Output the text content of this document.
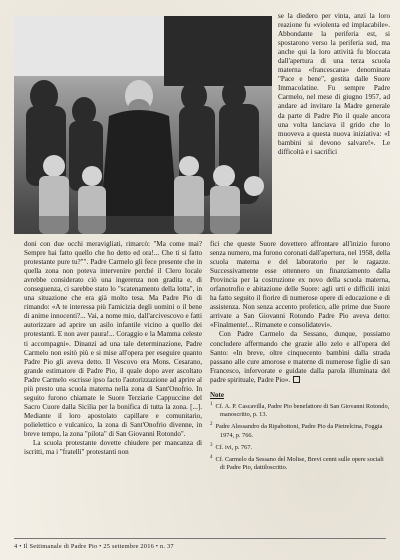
se la diedero per vinta, anzi la loro reazione fu «violenta ed implacabile». Abbondante la periferia est, si spostarono verso la periferia sud, ma anche qui la loro attività fu bloccata dall'apertura di una terza scuola materna «francescana» denominata "Pace e bene", gestita dalle Suore Immacolatine. Fu sempre Padre Carmelo, nel mese di giugno 1957, ad andare ad invitare la Madre generale da parte di Padre Pio il quale ancora una volta lanciava il grido che lo muoveva a questa nuova iniziativa: «I bambini si devono salvare!». Le difficoltà e i sacrifici

doni con due occhi meravigliati, rimarcò: "Ma come mai? Sempre hai fatto quello che ho detto ed ora!... Che ti si fatto protestante pure tu?"". Padre Carmelo gli fece presente che in quella zona non poteva intervenire perché il Clero locale avrebbe considerato ciò una ingerenza non gradita e, di conseguenza, ci sarebbe stato lo "scatenamento della lotta", in una situazione che era già molto tesa. Ma Padre Pio di rimando: «A te interessa più l'amicizia degli uomini o il bene di anime innocenti?... Vai, a nome mio, dall'arcivescovo e fatti autorizzare ad aprire un asilo infantile vicino a quello dei protestanti. E non aver paura!... Coraggio e la Mamma celeste ti accompagni». Dinanzi ad una tale determinazione, Padre Carmelo non esitò più e si mise all'opera per eseguire quanto Padre Pio gli aveva detto. Il Vescovo era Mons. Cesarano, grande estimatore di Padre Pio, il quale dopo aver ascoltato Padre Carmelo «scrisse ipso facto l'autorizzazione ad aprire al più presto una scuola materna nella zona di Sant'Onofrio. In seguito furono chiamate le Suore Terziarie Cappuccine del Sacro Cuore dalla Sicilia per la bonifica di tutta la zona. [...]. Mediante il loro apostolato capillare e comunitario, polielettico e vulcanico, la zona di Sant'Onofrio divenne, in breve tempo, la zona "pilota" di San Giovanni Rotondo".

La scuola protestante dovette chiudere per mancanza di iscritti, ma i "fratelli" protestanti non

fici che queste Suore dovettero affrontare all'inizio furono senza numero, ma furono coronati dall'apertura, nel 1958, della scuola materna e del laboratorio per le ragazze. Successivamente esse ottennero un finanziamento dalla Provincia per la costruzione ex novo della scuola materna, orfanotrofio e abitazione delle Suore: agli urti e difficili inizi ha fatto seguito il fiorire di numerose opere di educazione e di assistenza. Non senza accento profetico, alle prime due Suore arrivate a San Giovanni Rotondo Padre Pio aveva detto: «Finalmente!... Rimanete e consolidatevi».

Con Padre Carmelo da Sessano, dunque, possiamo concludere affermando che grazie allo zelo e all'opera del Santo: «In breve, oltre cinquecento bambini dalla strada passano alle cure amorose e materne di numerose figlie di san Francesco, infervorate e guidate dalla parola illuminata del padre spirituale, Padre Pio».

Note

$^1$ Cf. A. P. Cascavilla, Padre Pio benefattore di San Giovanni Rotondo, manoscritto, p. 13.

$^2$ Padre Alessandro da Ripabottoni, Padre Pio da Pietrelcina, Foggia 1974, p. 766.

$^3$ Cf. ivi, p. 767.

$^4$ Cf. Carmelo da Sessano del Molise, Brevi cenni sulle opere sociali di Padre Pio, dattiloscritto.

4 • Il Settimanale di Padre Pio • 25 settembre 2016 • n. 37
